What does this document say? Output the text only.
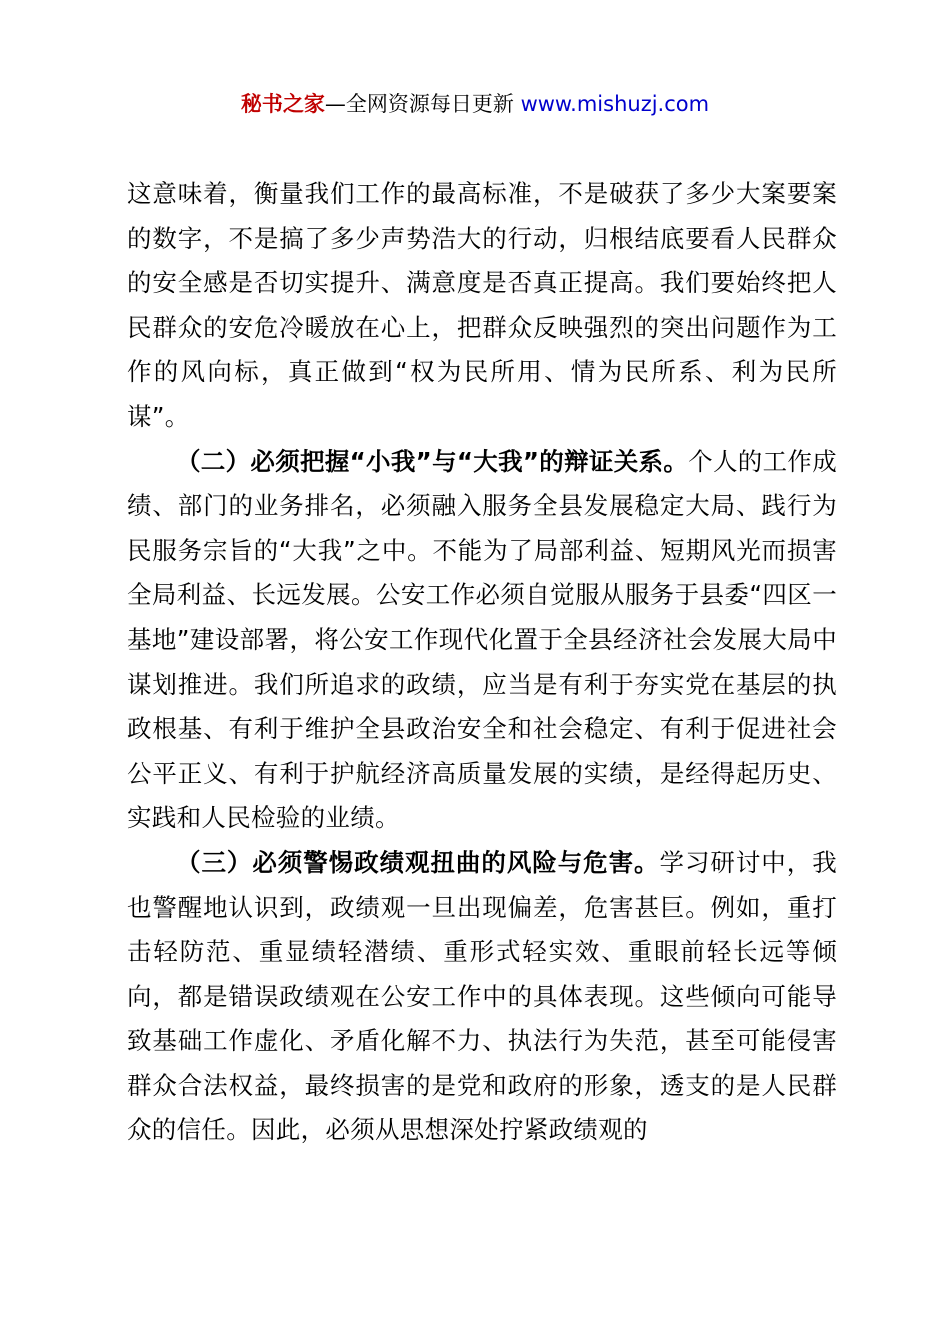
秘书之家—全网资源每日更新 www.mishuzj.com

这意味着，衡量我们工作的最高标准，不是破获了多少大案要案的数字，不是搞了多少声势浩大的行动，归根结底要看人民群众的安全感是否切实提升、满意度是否真正提高。我们要始终把人民群众的安危冷暖放在心上，把群众反映强烈的突出问题作为工作的风向标，真正做到“权为民所用、情为民所系、利为民所谋”。

（二）必须把握“小我”与“大我”的辩证关系。个人的工作成绩、部门的业务排名，必须融入服务全县发展稳定大局、践行为民服务宗旨的“大我”之中。不能为了局部利益、短期风光而损害全局利益、长远发展。公安工作必须自觉服从服务于县委“四区一基地”建设部署，将公安工作现代化置于全县经济社会发展大局中谋划推进。我们所追求的政绩，应当是有利于夯实党在基层的执政根基、有利于维护全县政治安全和社会稳定、有利于促进社会公平正义、有利于护航经济高质量发展的实绩，是经得起历史、实践和人民检验的业绩。

（三）必须警惕政绩观扭曲的风险与危害。学习研讨中，我也警醒地认识到，政绩观一旦出现偏差，危害甚巨。例如，重打击轻防范、重显绩轻潜绩、重形式轻实效、重眼前轻长远等倾向，都是错误政绩观在公安工作中的具体表现。这些倾向可能导致基础工作虚化、矛盾化解不力、执法行为失范，甚至可能侵害群众合法权益，最终损害的是党和政府的形象，透支的是人民群众的信任。因此，必须从思想深处拧紧政绩观的
